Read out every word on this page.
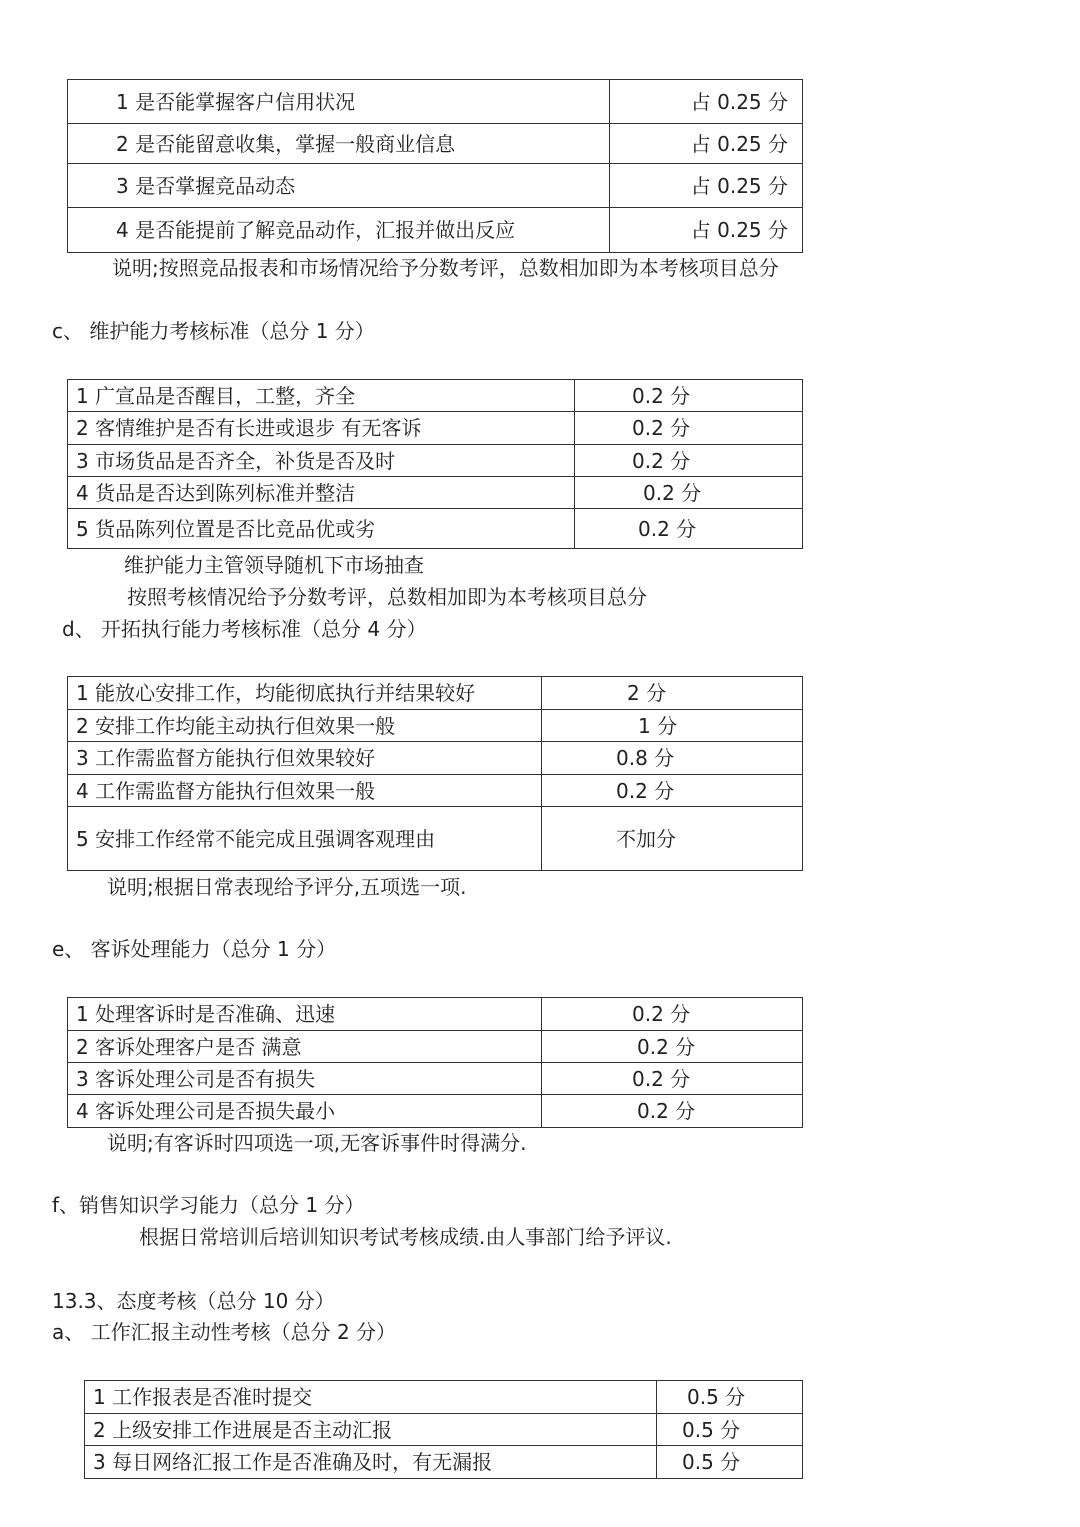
1 是否能掌握客户信用状况	占 0.25 分
2 是否能留意收集，掌握一般商业信息	占 0.25 分
3 是否掌握竞品动态	占 0.25 分
4 是否能提前了解竞品动作，汇报并做出反应	占 0.25 分
说明;按照竞品报表和市场情况给予分数考评，总数相加即为本考核项目总分
c、 维护能力考核标准（总分 1 分）
1 广宣品是否醒目，工整，齐全	0.2 分
2 客情维护是否有长进或退步 有无客诉	0.2 分
3 市场货品是否齐全，补货是否及时	0.2 分
4 货品是否达到陈列标准并整洁	0.2 分
5 货品陈列位置是否比竞品优或劣	0.2 分
维护能力主管领导随机下市场抽查
按照考核情况给予分数考评，总数相加即为本考核项目总分
d、 开拓执行能力考核标准（总分 4 分）
1 能放心安排工作，均能彻底执行并结果较好	2 分
2 安排工作均能主动执行但效果一般	1 分
3 工作需监督方能执行但效果较好	0.8 分
4 工作需监督方能执行但效果一般	0.2 分
5 安排工作经常不能完成且强调客观理由	不加分
说明;根据日常表现给予评分,五项选一项.
e、 客诉处理能力（总分 1 分）
1 处理客诉时是否准确、迅速	0.2 分
2 客诉处理客户是否 满意	0.2 分
3 客诉处理公司是否有损失	0.2 分
4 客诉处理公司是否损失最小	0.2 分
说明;有客诉时四项选一项,无客诉事件时得满分.
f、销售知识学习能力（总分 1 分）
根据日常培训后培训知识考试考核成绩.由人事部门给予评议.
13.3、态度考核（总分 10 分）
a、 工作汇报主动性考核（总分 2 分）
1 工作报表是否准时提交	0.5 分
2 上级安排工作进展是否主动汇报	0.5 分
3 每日网络汇报工作是否准确及时，有无漏报	0.5 分
